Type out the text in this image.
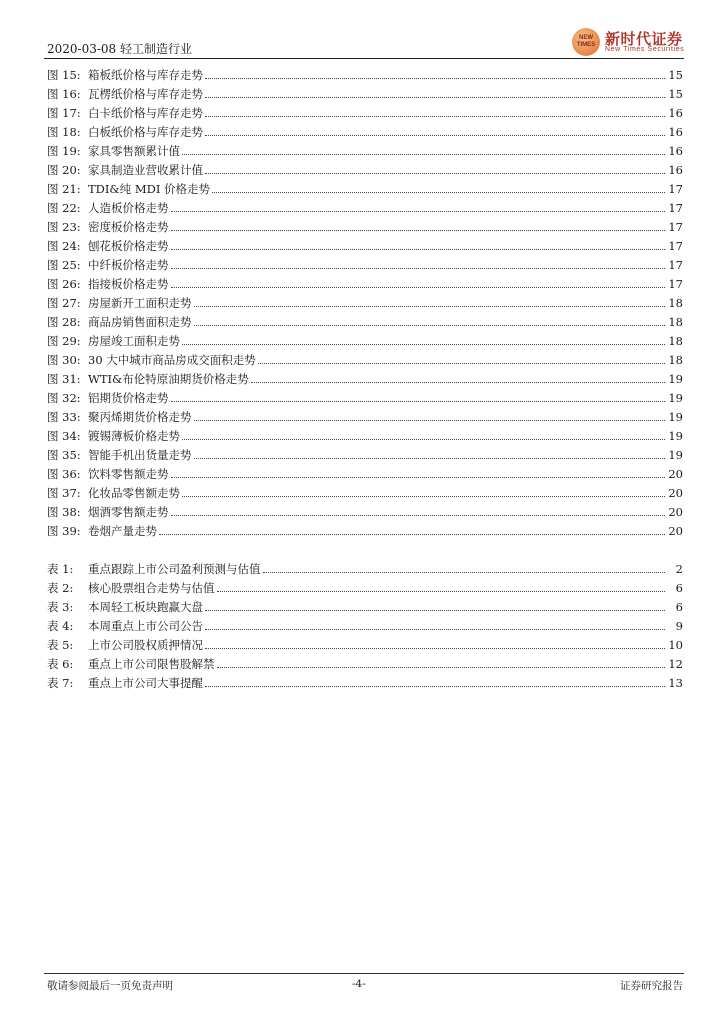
2020-03-08 轻工制造行业
NEW
TIMES 新时代证券
New Times Securities
图 15: 箱板纸价格与库存走势	15
图 16: 瓦楞纸价格与库存走势	15
图 17: 白卡纸价格与库存走势	16
图 18: 白板纸价格与库存走势	16
图 19: 家具零售额累计值	16
图 20: 家具制造业营收累计值	16
图 21: TDI&纯 MDI 价格走势	17
图 22: 人造板价格走势	17
图 23: 密度板价格走势	17
图 24: 刨花板价格走势	17
图 25: 中纤板价格走势	17
图 26: 指接板价格走势	17
图 27: 房屋新开工面积走势	18
图 28: 商品房销售面积走势	18
图 29: 房屋竣工面积走势	18
图 30: 30 大中城市商品房成交面积走势	18
图 31: WTI&布伦特原油期货价格走势	19
图 32: 铝期货价格走势	19
图 33: 聚丙烯期货价格走势	19
图 34: 镀锡薄板价格走势	19
图 35: 智能手机出货量走势	19
图 36: 饮料零售额走势	20
图 37: 化妆品零售额走势	20
图 38: 烟酒零售额走势	20
图 39: 卷烟产量走势	20
表 1:	重点跟踪上市公司盈利预测与估值	2
表 2:	核心股票组合走势与估值	6
表 3:	本周轻工板块跑赢大盘	6
表 4:	本周重点上市公司公告	9
表 5:	上市公司股权质押情况	10
表 6:	重点上市公司限售股解禁	12
表 7:	重点上市公司大事提醒	13
敬请参阅最后一页免责声明	-4-	证券研究报告
